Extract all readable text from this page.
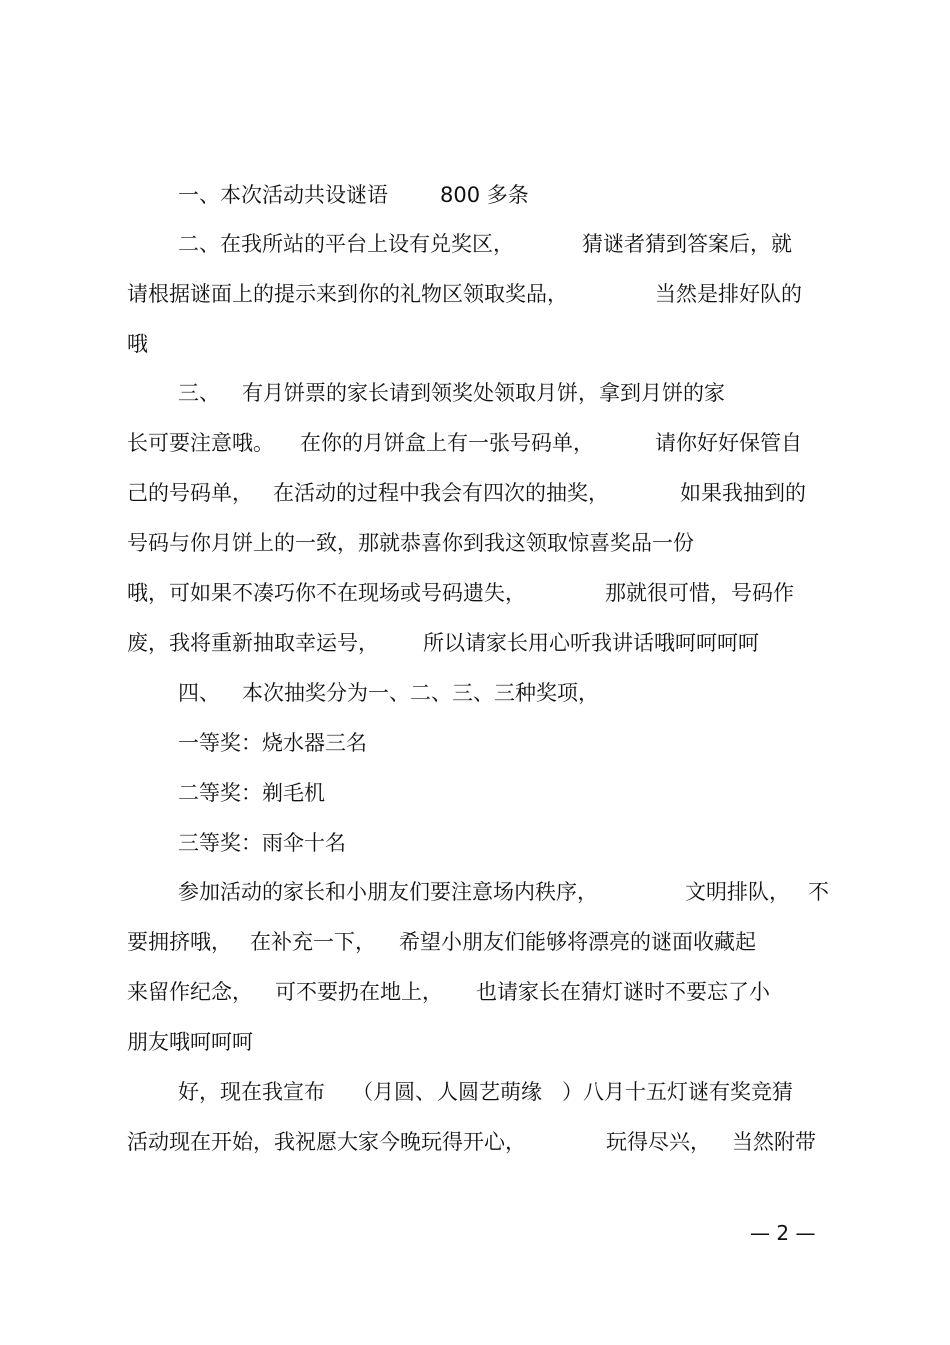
一、本次活动共设谜语

800 多条

二、在我所站的平台上设有兑奖区，

	猜谜者猜到答案后，就

请根据谜面上的提示来到你的礼物区领取奖品，

	当然是排好队的

哦

三、

有月饼票的家长请到领奖处领取月饼，拿到月饼的家

长可要注意哦。

在你的月饼盒上有一张号码单，

	请你好好保管自

己的号码单，

在活动的过程中我会有四次的抽奖，

	如果我抽到的

号码与你月饼上的一致，那就恭喜你到我这领取惊喜奖品一份

哦，可如果不凑巧你不在现场或号码遗失，

	那就很可惜，号码作

废，我将重新抽取幸运号，

所以请家长用心听我讲话哦呵呵呵呵

四、

本次抽奖分为一、二、三、三种奖项，

一等奖：烧水器三名

二等奖：剃毛机

三等奖：雨伞十名

参加活动的家长和小朋友们要注意场内秩序，

	文明排队，

不

要拥挤哦，

在补充一下，

希望小朋友们能够将漂亮的谜面收藏起

来留作纪念，

可不要扔在地上，

也请家长在猜灯谜时不要忘了小

朋友哦呵呵呵

好，现在我宣布

（月圆、

人圆艺萌缘

）八月十五灯谜有奖竞猜

活动现在开始，我祝愿大家今晚玩得开心，

	玩得尽兴，

当然附带

— 2 —
